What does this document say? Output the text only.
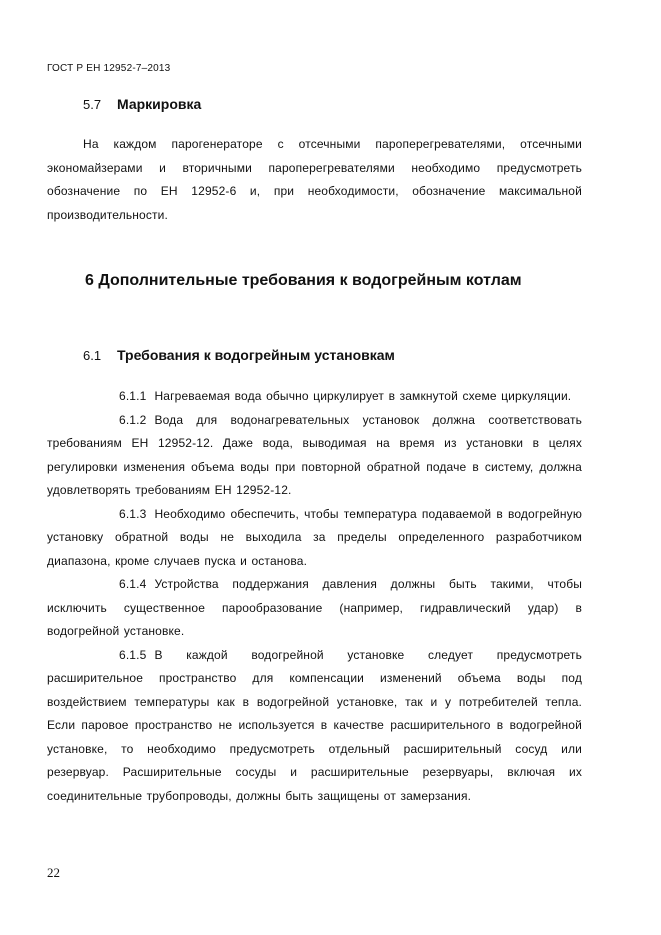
ГОСТ Р ЕН 12952-7–2013
5.7 Маркировка

На каждом парогенераторе с отсечными пароперегревателями, отсечными экономайзерами и вторичными пароперегревателями необходимо предусмотреть обозначение по ЕН 12952-6 и, при необходимости, обозначение максимальной производительности.

6 Дополнительные требования к водогрейным котлам
6.1 Требования к водогрейным установкам

6.1.1 Нагреваемая вода обычно циркулирует в замкнутой схеме циркуляции.

6.1.2 Вода для водонагревательных установок должна соответствовать требованиям ЕН 12952-12. Даже вода, выводимая на время из установки в целях регулировки изменения объема воды при повторной обратной подаче в систему, должна удовлетворять требованиям ЕН 12952-12.

6.1.3 Необходимо обеспечить, чтобы температура подаваемой в водогрейную установку обратной воды не выходила за пределы определенного разработчиком диапазона, кроме случаев пуска и останова.

6.1.4 Устройства поддержания давления должны быть такими, чтобы исключить существенное парообразование (например, гидравлический удар) в водогрейной установке.

6.1.5 В каждой водогрейной установке следует предусмотреть расширительное пространство для компенсации изменений объема воды под воздействием температуры как в водогрейной установке, так и у потребителей тепла. Если паровое пространство не используется в качестве расширительного в водогрейной установке, то необходимо предусмотреть отдельный расширительный сосуд или резервуар. Расширительные сосуды и расширительные резервуары, включая их соединительные трубопроводы, должны быть защищены от замерзания.

22
